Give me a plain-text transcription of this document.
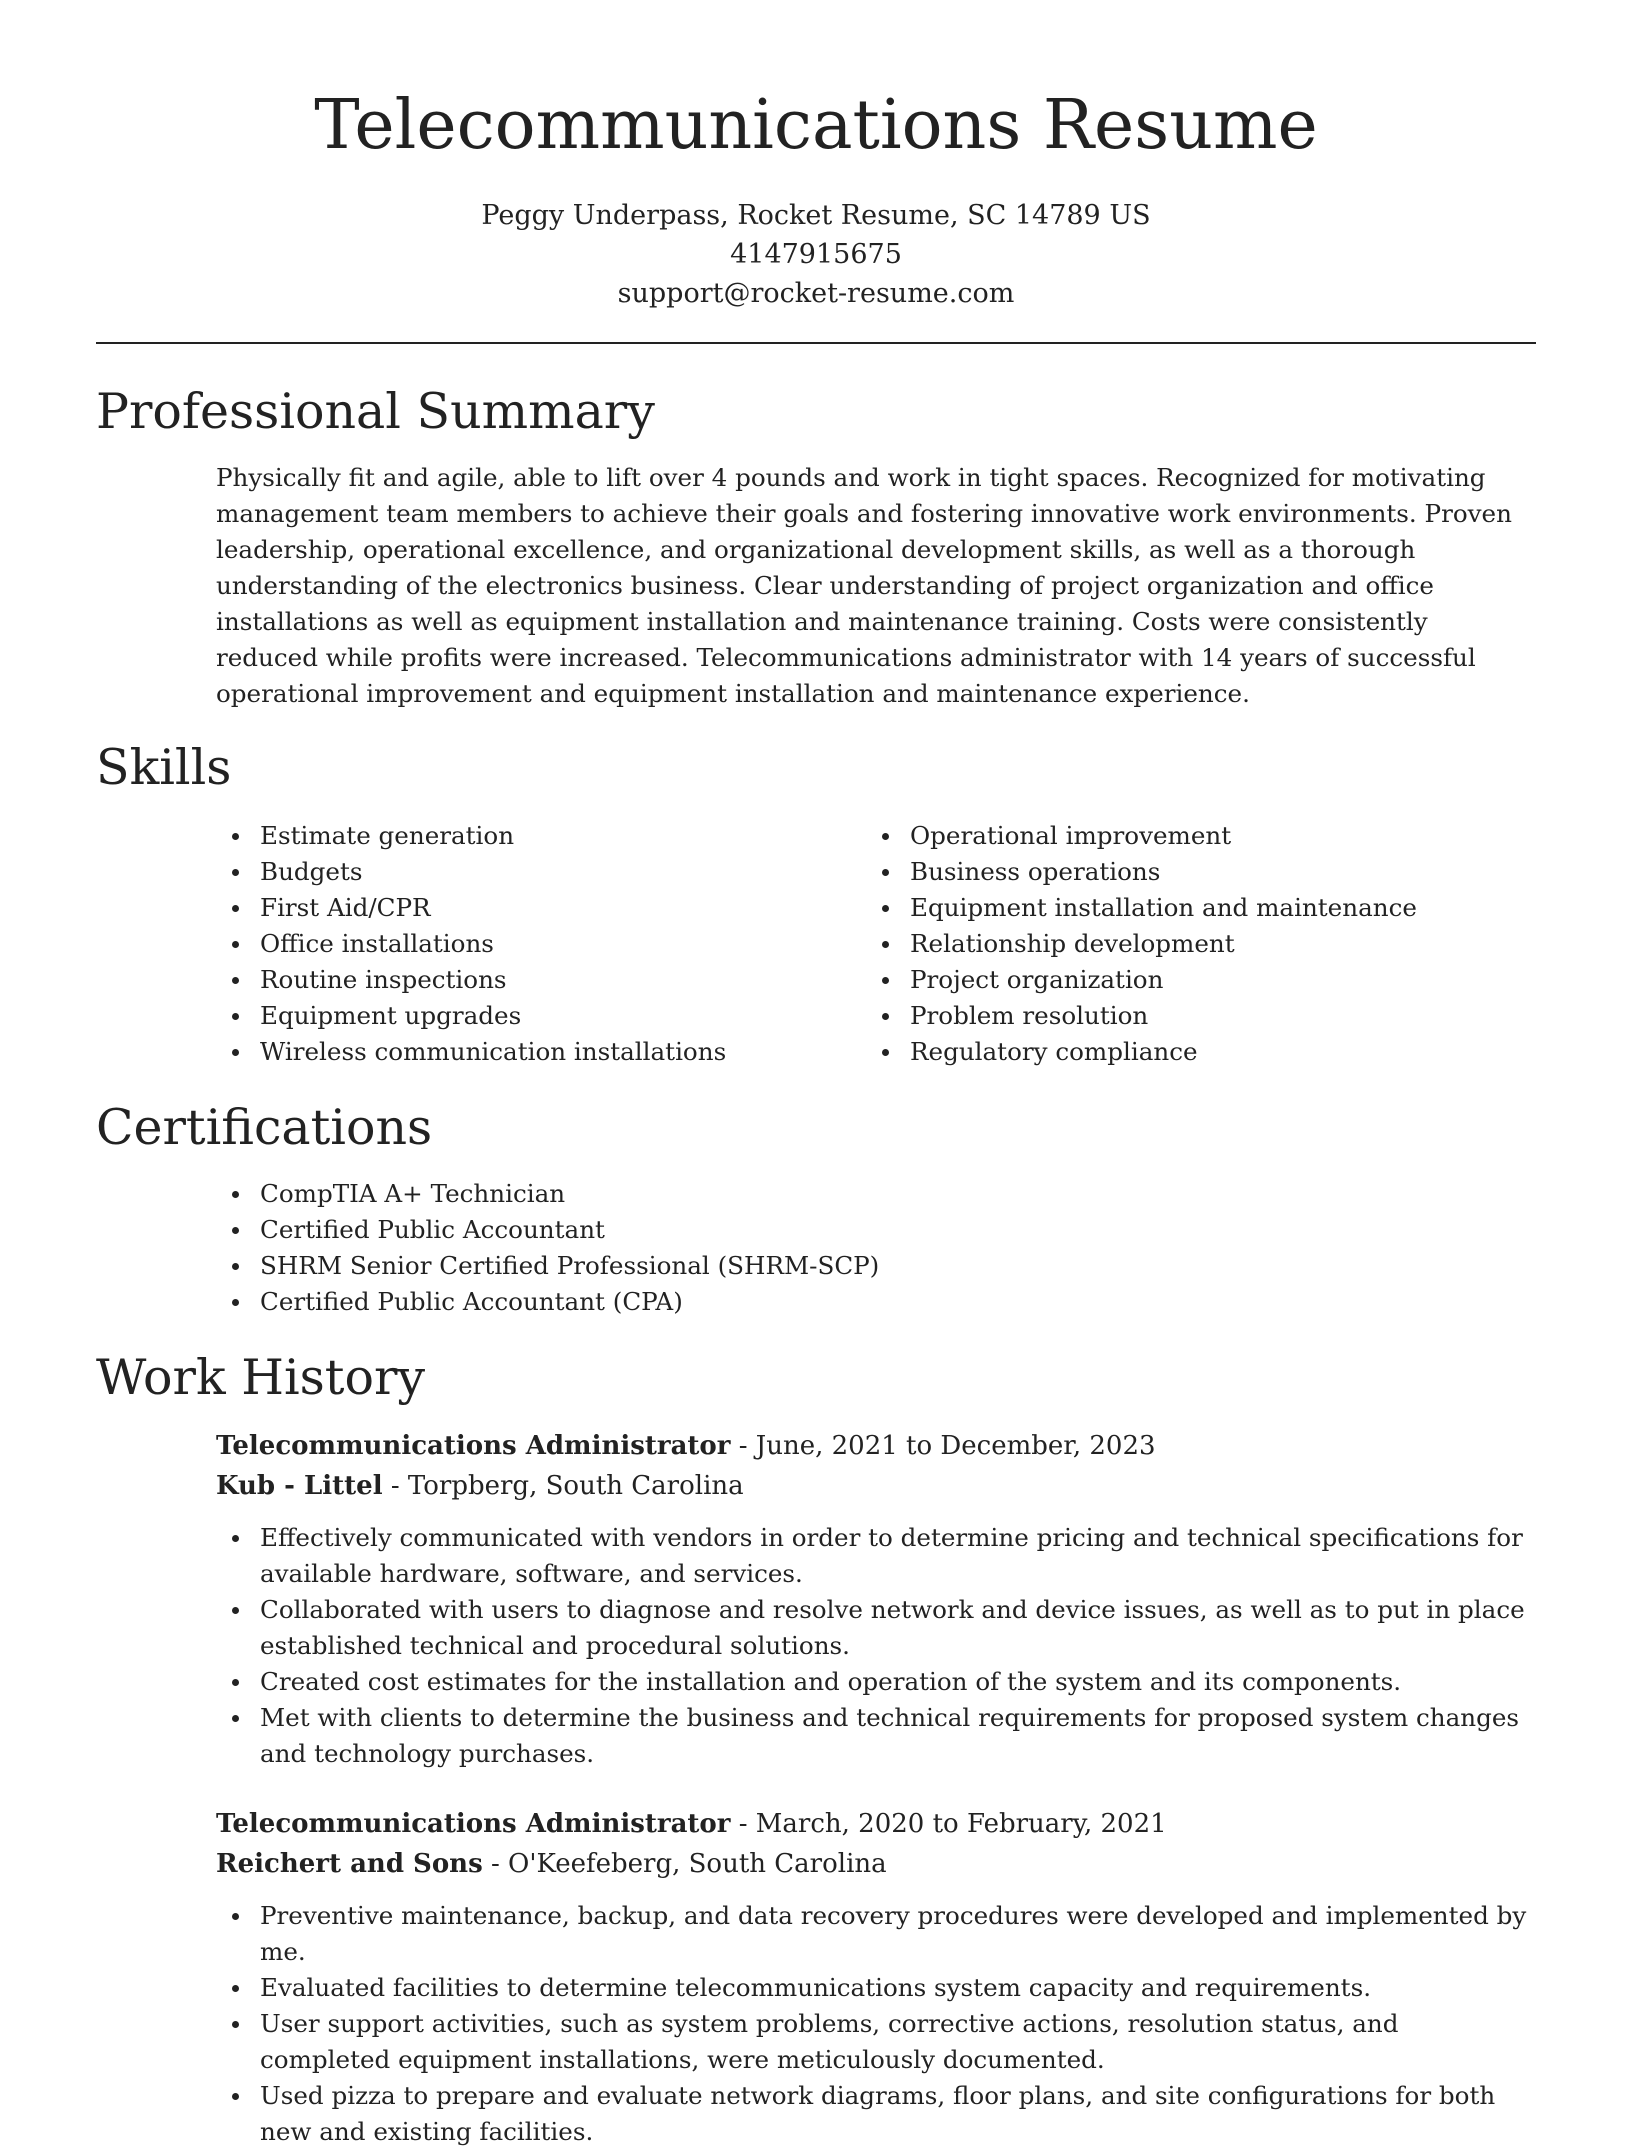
Telecommunications Resume
Peggy Underpass, Rocket Resume, SC 14789 US
4147915675
support@rocket-resume.com
Professional Summary
Physically fit and agile, able to lift over 4 pounds and work in tight spaces. Recognized for motivating management team members to achieve their goals and fostering innovative work environments. Proven leadership, operational excellence, and organizational development skills, as well as a thorough understanding of the electronics business. Clear understanding of project organization and office installations as well as equipment installation and maintenance training. Costs were consistently reduced while profits were increased. Telecommunications administrator with 14 years of successful operational improvement and equipment installation and maintenance experience.
Skills
Estimate generation
Budgets
First Aid/CPR
Office installations
Routine inspections
Equipment upgrades
Wireless communication installations
Operational improvement
Business operations
Equipment installation and maintenance
Relationship development
Project organization
Problem resolution
Regulatory compliance
Certifications
CompTIA A+ Technician
Certified Public Accountant
SHRM Senior Certified Professional (SHRM-SCP)
Certified Public Accountant (CPA)
Work History
Telecommunications Administrator - June, 2021 to December, 2023
Kub - Littel - Torpberg, South Carolina
Effectively communicated with vendors in order to determine pricing and technical specifications for available hardware, software, and services.
Collaborated with users to diagnose and resolve network and device issues, as well as to put in place established technical and procedural solutions.
Created cost estimates for the installation and operation of the system and its components.
Met with clients to determine the business and technical requirements for proposed system changes and technology purchases.
Telecommunications Administrator - March, 2020 to February, 2021
Reichert and Sons - O'Keefeberg, South Carolina
Preventive maintenance, backup, and data recovery procedures were developed and implemented by me.
Evaluated facilities to determine telecommunications system capacity and requirements.
User support activities, such as system problems, corrective actions, resolution status, and completed equipment installations, were meticulously documented.
Used pizza to prepare and evaluate network diagrams, floor plans, and site configurations for both new and existing facilities.
